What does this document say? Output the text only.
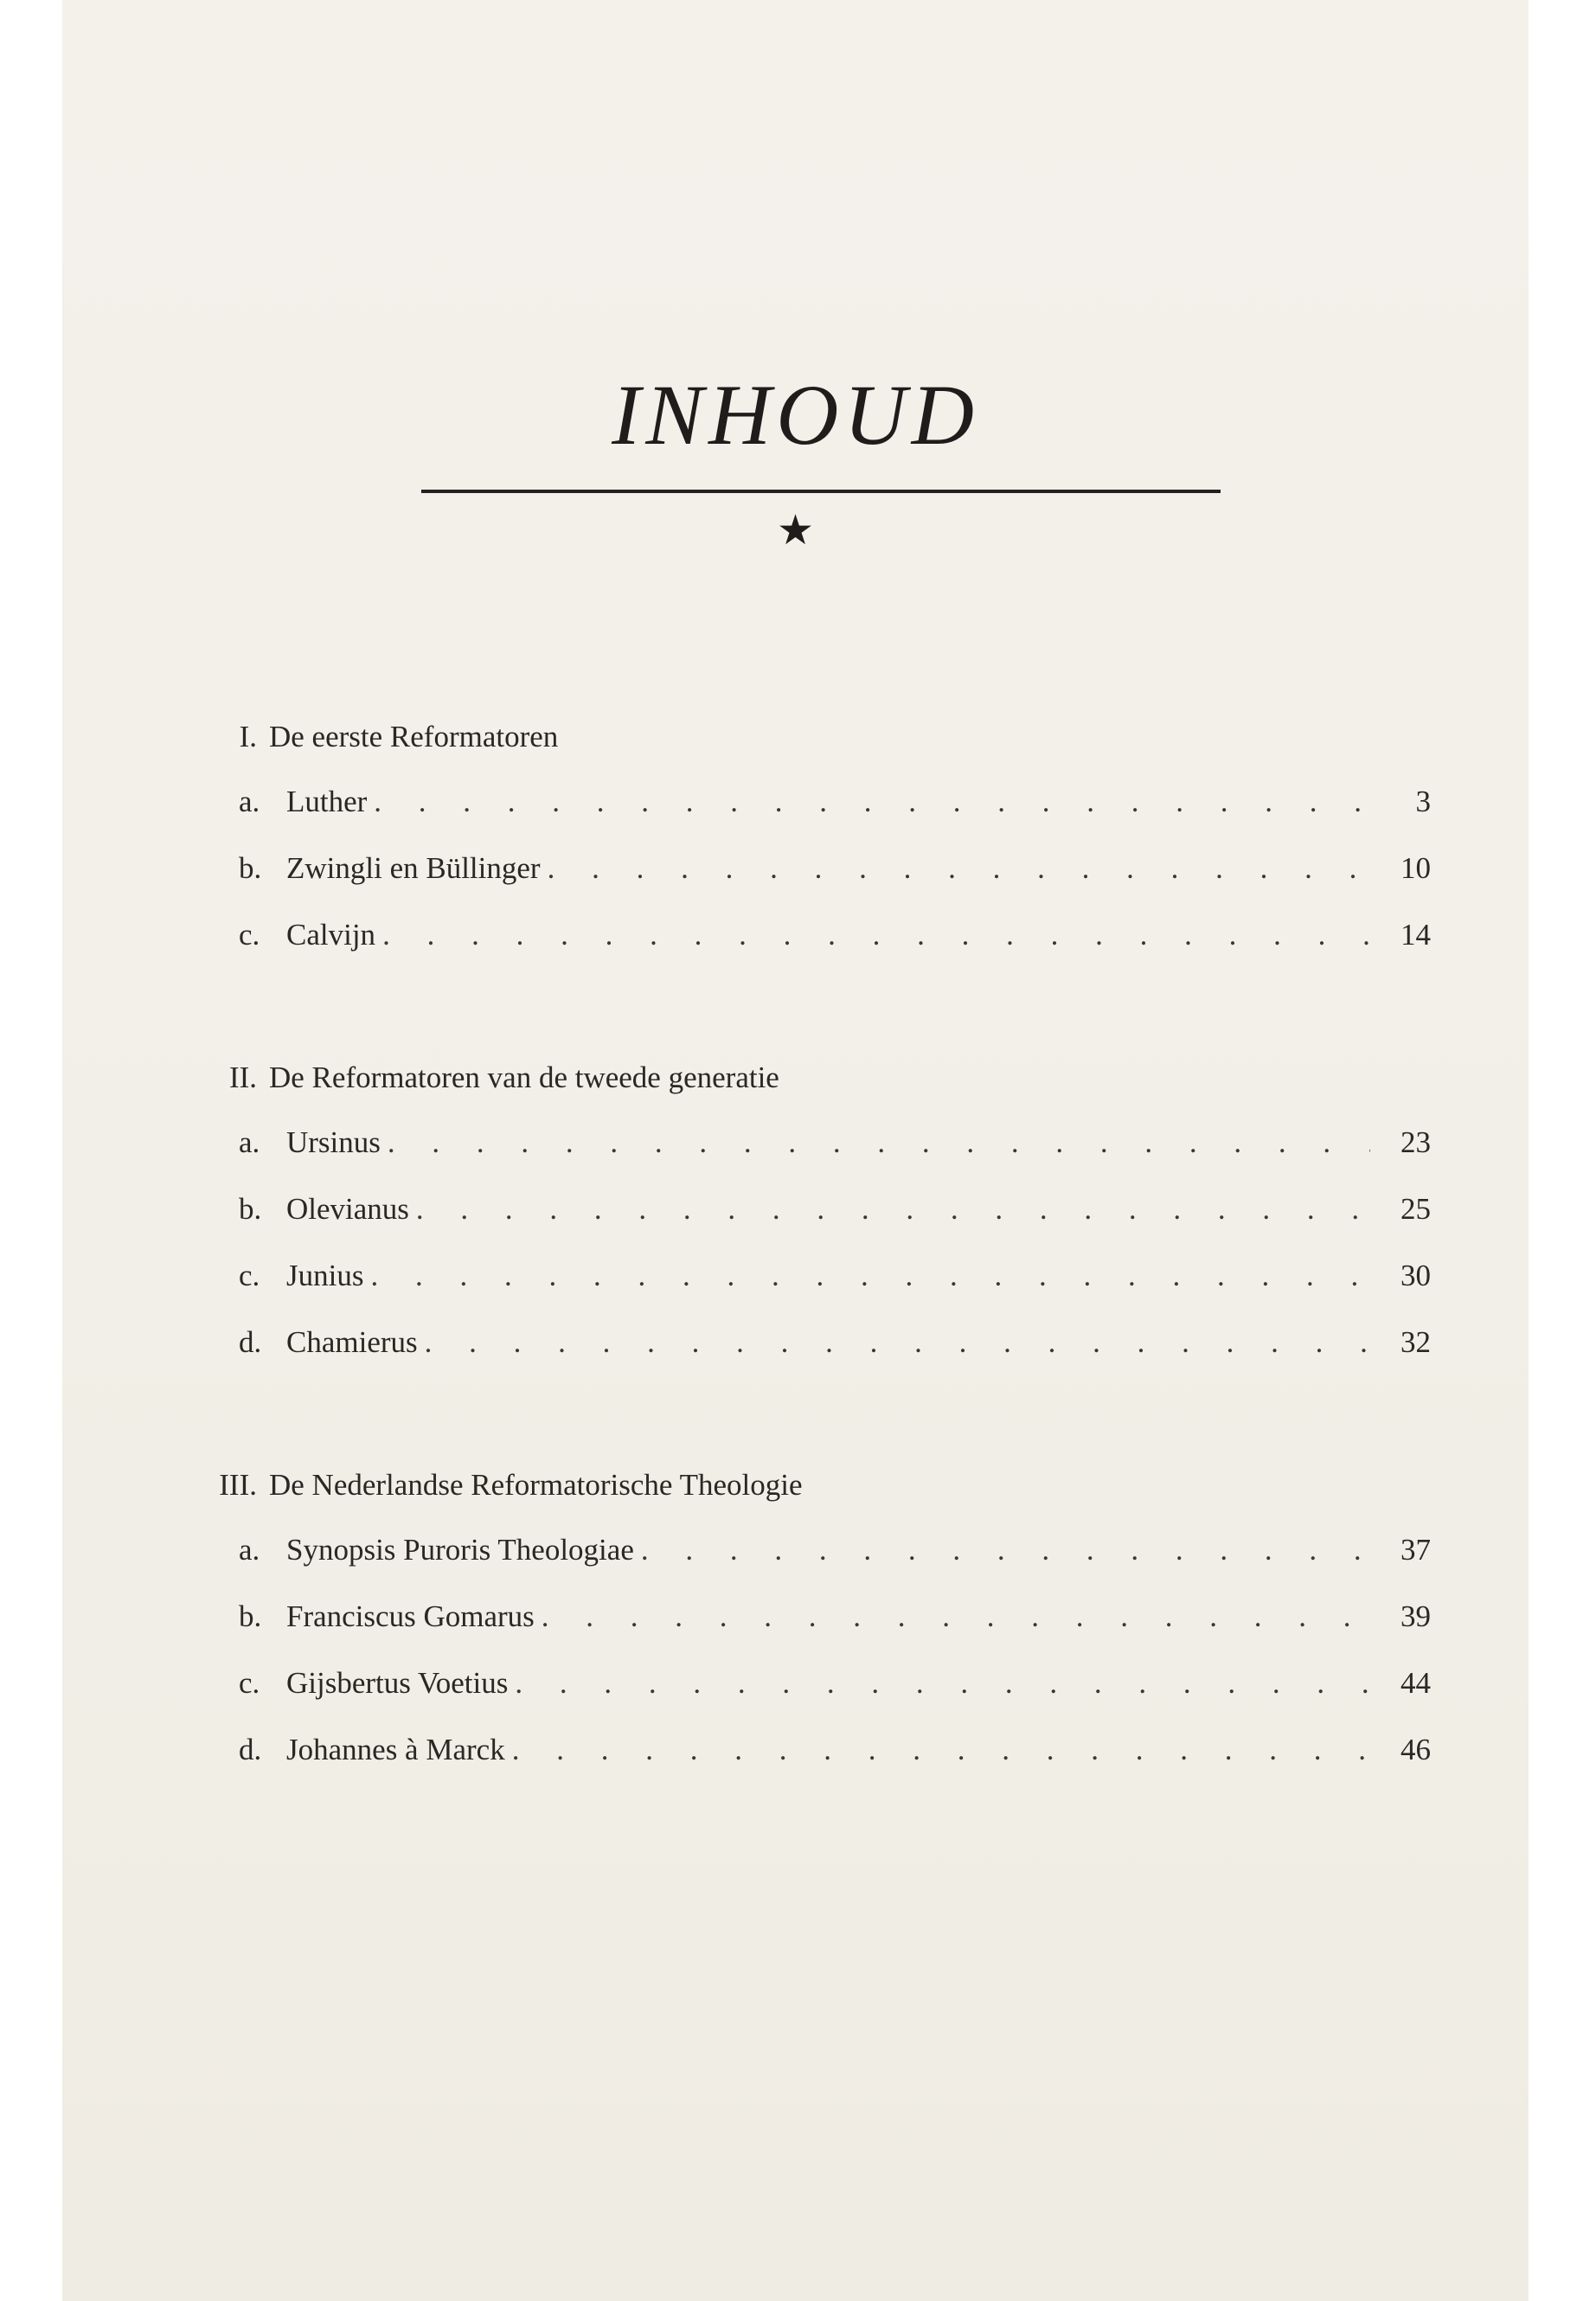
INHOUD
★
I. De eerste Reformatoren
a. Luther . . .	3
b. Zwingli en Büllinger . . .	10
c. Calvijn . . .	14
II. De Reformatoren van de tweede generatie
a. Ursinus . . .	23
b. Olevianus . . .	25
c. Junius . . .	30
d. Chamierus . . .	32
III. De Nederlandse Reformatorische Theologie
a. Synopsis Puroris Theologiae . . .	37
b. Franciscus Gomarus . . .	39
c. Gijsbertus Voetius . . .	44
d. Johannes à Marck . . .	46
